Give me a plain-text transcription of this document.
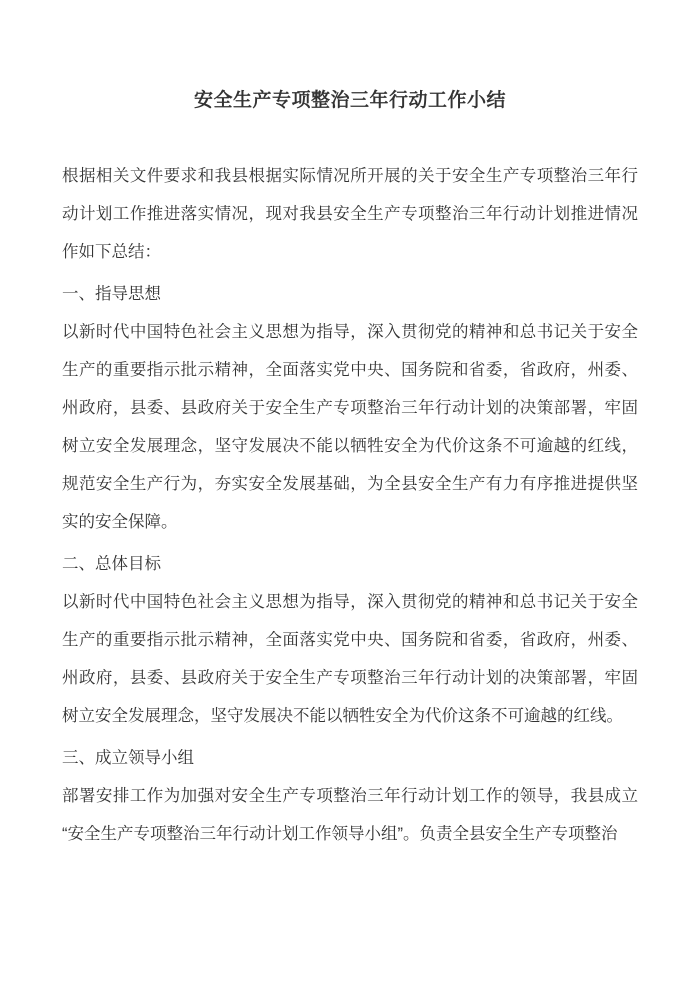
安全生产专项整治三年行动工作小结

根据相关文件要求和我县根据实际情况所开展的关于安全生产专项整治三年行动计划工作推进落实情况，现对我县安全生产专项整治三年行动计划推进情况作如下总结：

一、指导思想

以新时代中国特色社会主义思想为指导，深入贯彻党的精神和总书记关于安全生产的重要指示批示精神，全面落实党中央、国务院和省委，省政府，州委、州政府，县委、县政府关于安全生产专项整治三年行动计划的决策部署，牢固树立安全发展理念，坚守发展决不能以牺牲安全为代价这条不可逾越的红线，规范安全生产行为，夯实安全发展基础，为全县安全生产有力有序推进提供坚实的安全保障。

二、总体目标

以新时代中国特色社会主义思想为指导，深入贯彻党的精神和总书记关于安全生产的重要指示批示精神，全面落实党中央、国务院和省委，省政府，州委、州政府，县委、县政府关于安全生产专项整治三年行动计划的决策部署，牢固树立安全发展理念，坚守发展决不能以牺牲安全为代价这条不可逾越的红线。

三、成立领导小组

部署安排工作为加强对安全生产专项整治三年行动计划工作的领导，我县成立“安全生产专项整治三年行动计划工作领导小组”。负责全县安全生产专项整治
